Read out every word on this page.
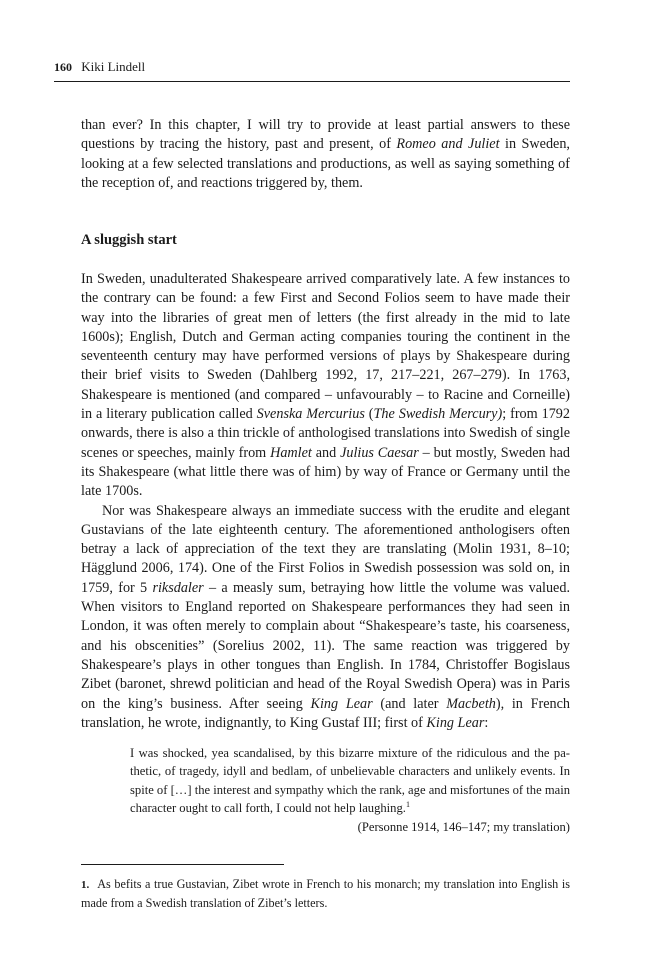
160 Kiki Lindell

than ever? In this chapter, I will try to provide at least partial answers to these questions by tracing the history, past and present, of Romeo and Juliet in Sweden, looking at a few selected translations and productions, as well as saying something of the reception of, and reactions triggered by, them.

A sluggish start

In Sweden, unadulterated Shakespeare arrived comparatively late. A few instances to the contrary can be found: a few First and Second Folios seem to have made their way into the libraries of great men of letters (the first already in the mid to late 1600s); English, Dutch and German acting companies touring the continent in the seventeenth century may have performed versions of plays by Shakespeare during their brief visits to Sweden (Dahlberg 1992, 17, 217–221, 267–279). In 1763, Shakespeare is mentioned (and compared – unfavourably – to Racine and Corneille) in a literary publication called Svenska Mercurius (The Swedish Mercury); from 1792 onwards, there is also a thin trickle of anthologised translations into Swedish of single scenes or speeches, mainly from Hamlet and Julius Caesar – but mostly, Sweden had its Shakespeare (what little there was of him) by way of France or Germany until the late 1700s.

Nor was Shakespeare always an immediate success with the erudite and elegant Gustavians of the late eighteenth century. The aforementioned anthologisers often betray a lack of appreciation of the text they are translating (Molin 1931, 8–10; Hägglund 2006, 174). One of the First Folios in Swedish possession was sold on, in 1759, for 5 riksdaler – a measly sum, betraying how little the volume was valued. When visitors to England reported on Shakespeare performances they had seen in London, it was often merely to complain about “Shakespeare’s taste, his coarseness, and his obscenities” (Sorelius 2002, 11). The same reaction was triggered by Shakespeare’s plays in other tongues than English. In 1784, Christoffer Bogislaus Zibet (baronet, shrewd politician and head of the Royal Swedish Opera) was in Paris on the king’s business. After seeing King Lear (and later Macbeth), in French translation, he wrote, indignantly, to King Gustaf III; first of King Lear:

I was shocked, yea scandalised, by this bizarre mixture of the ridiculous and the pathetic, of tragedy, idyll and bedlam, of unbelievable characters and unlikely events. In spite of […] the interest and sympathy which the rank, age and misfortunes of the main character ought to call forth, I could not help laughing.$^1$

(Personne 1914, 146–147; my translation)

1. As befits a true Gustavian, Zibet wrote in French to his monarch; my translation into English is made from a Swedish translation of Zibet’s letters.
